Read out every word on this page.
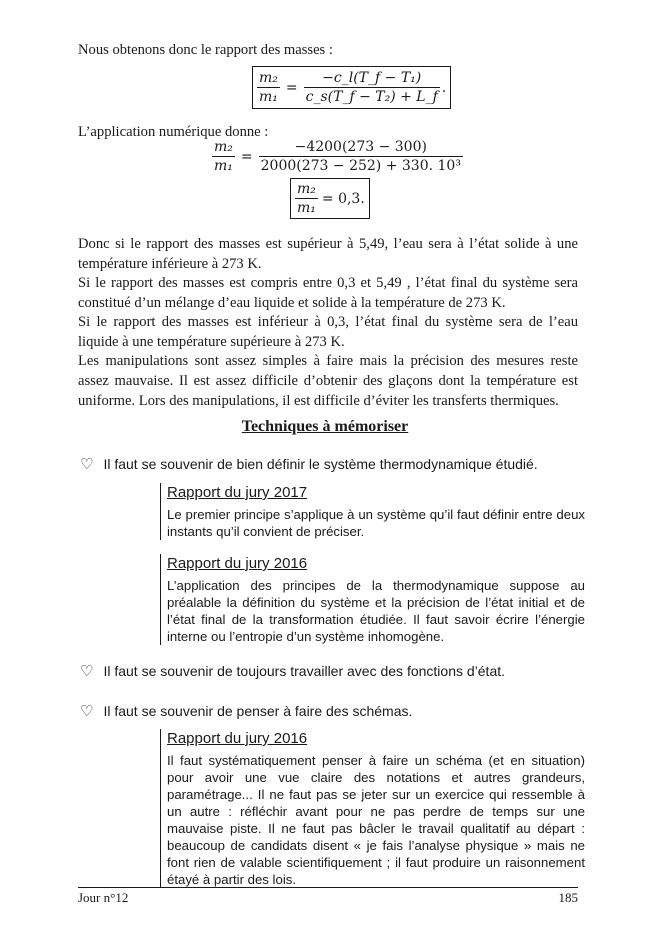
Nous obtenons donc le rapport des masses :
$\frac{\text{m₂}}{\text{m₁}} = \frac{\text{−c\_l(T\_f − T₁)}}{\text{c\_s(T\_f − T₂) + L\_f}}$ .
L’application numérique donne :
$\frac{\text{m₂}}{\text{m₁}} = \frac{-4200(273 - 300)}{\text{2000(273 − 252) + 330. 10³}}$
$\frac{\text{m₂}}{\text{m₁}} = 0,3$.
Donc si le rapport des masses est supérieur à 5,49, l’eau sera à l’état solide à une température inférieure à 273 K.
Si le rapport des masses est compris entre 0,3 et 5,49 , l’état final du système sera constitué d’un mélange d’eau liquide et solide à la température de 273 K.
Si le rapport des masses est inférieur à 0,3, l’état final du système sera de l’eau liquide à une température supérieure à 273 K.
Les manipulations sont assez simples à faire mais la précision des mesures reste assez mauvaise. Il est assez difficile d’obtenir des glaçons dont la température est uniforme. Lors des manipulations, il est difficile d’éviter les transferts thermiques.
Techniques à mémoriser
♡ Il faut se souvenir de bien définir le système thermodynamique étudié.
Rapport du jury 2017
Le premier principe s’applique à un système qu’il faut définir entre deux instants qu’il convient de préciser.
Rapport du jury 2016
L’application des principes de la thermodynamique suppose au préalable la définition du système et la précision de l’état initial et de l’état final de la transformation étudiée. Il faut savoir écrire l’énergie interne ou l’entropie d’un système inhomogène.
♡ Il faut se souvenir de toujours travailler avec des fonctions d’état.
♡ Il faut se souvenir de penser à faire des schémas.
Rapport du jury 2016
Il faut systématiquement penser à faire un schéma (et en situation) pour avoir une vue claire des notations et autres grandeurs, paramétrage... Il ne faut pas se jeter sur un exercice qui ressemble à un autre : réfléchir avant pour ne pas perdre de temps sur une mauvaise piste. Il ne faut pas bâcler le travail qualitatif au départ : beaucoup de candidats disent « je fais l’analyse physique » mais ne font rien de valable scientifiquement ; il faut produire un raisonnement étayé à partir des lois.
Jour n°12	185
